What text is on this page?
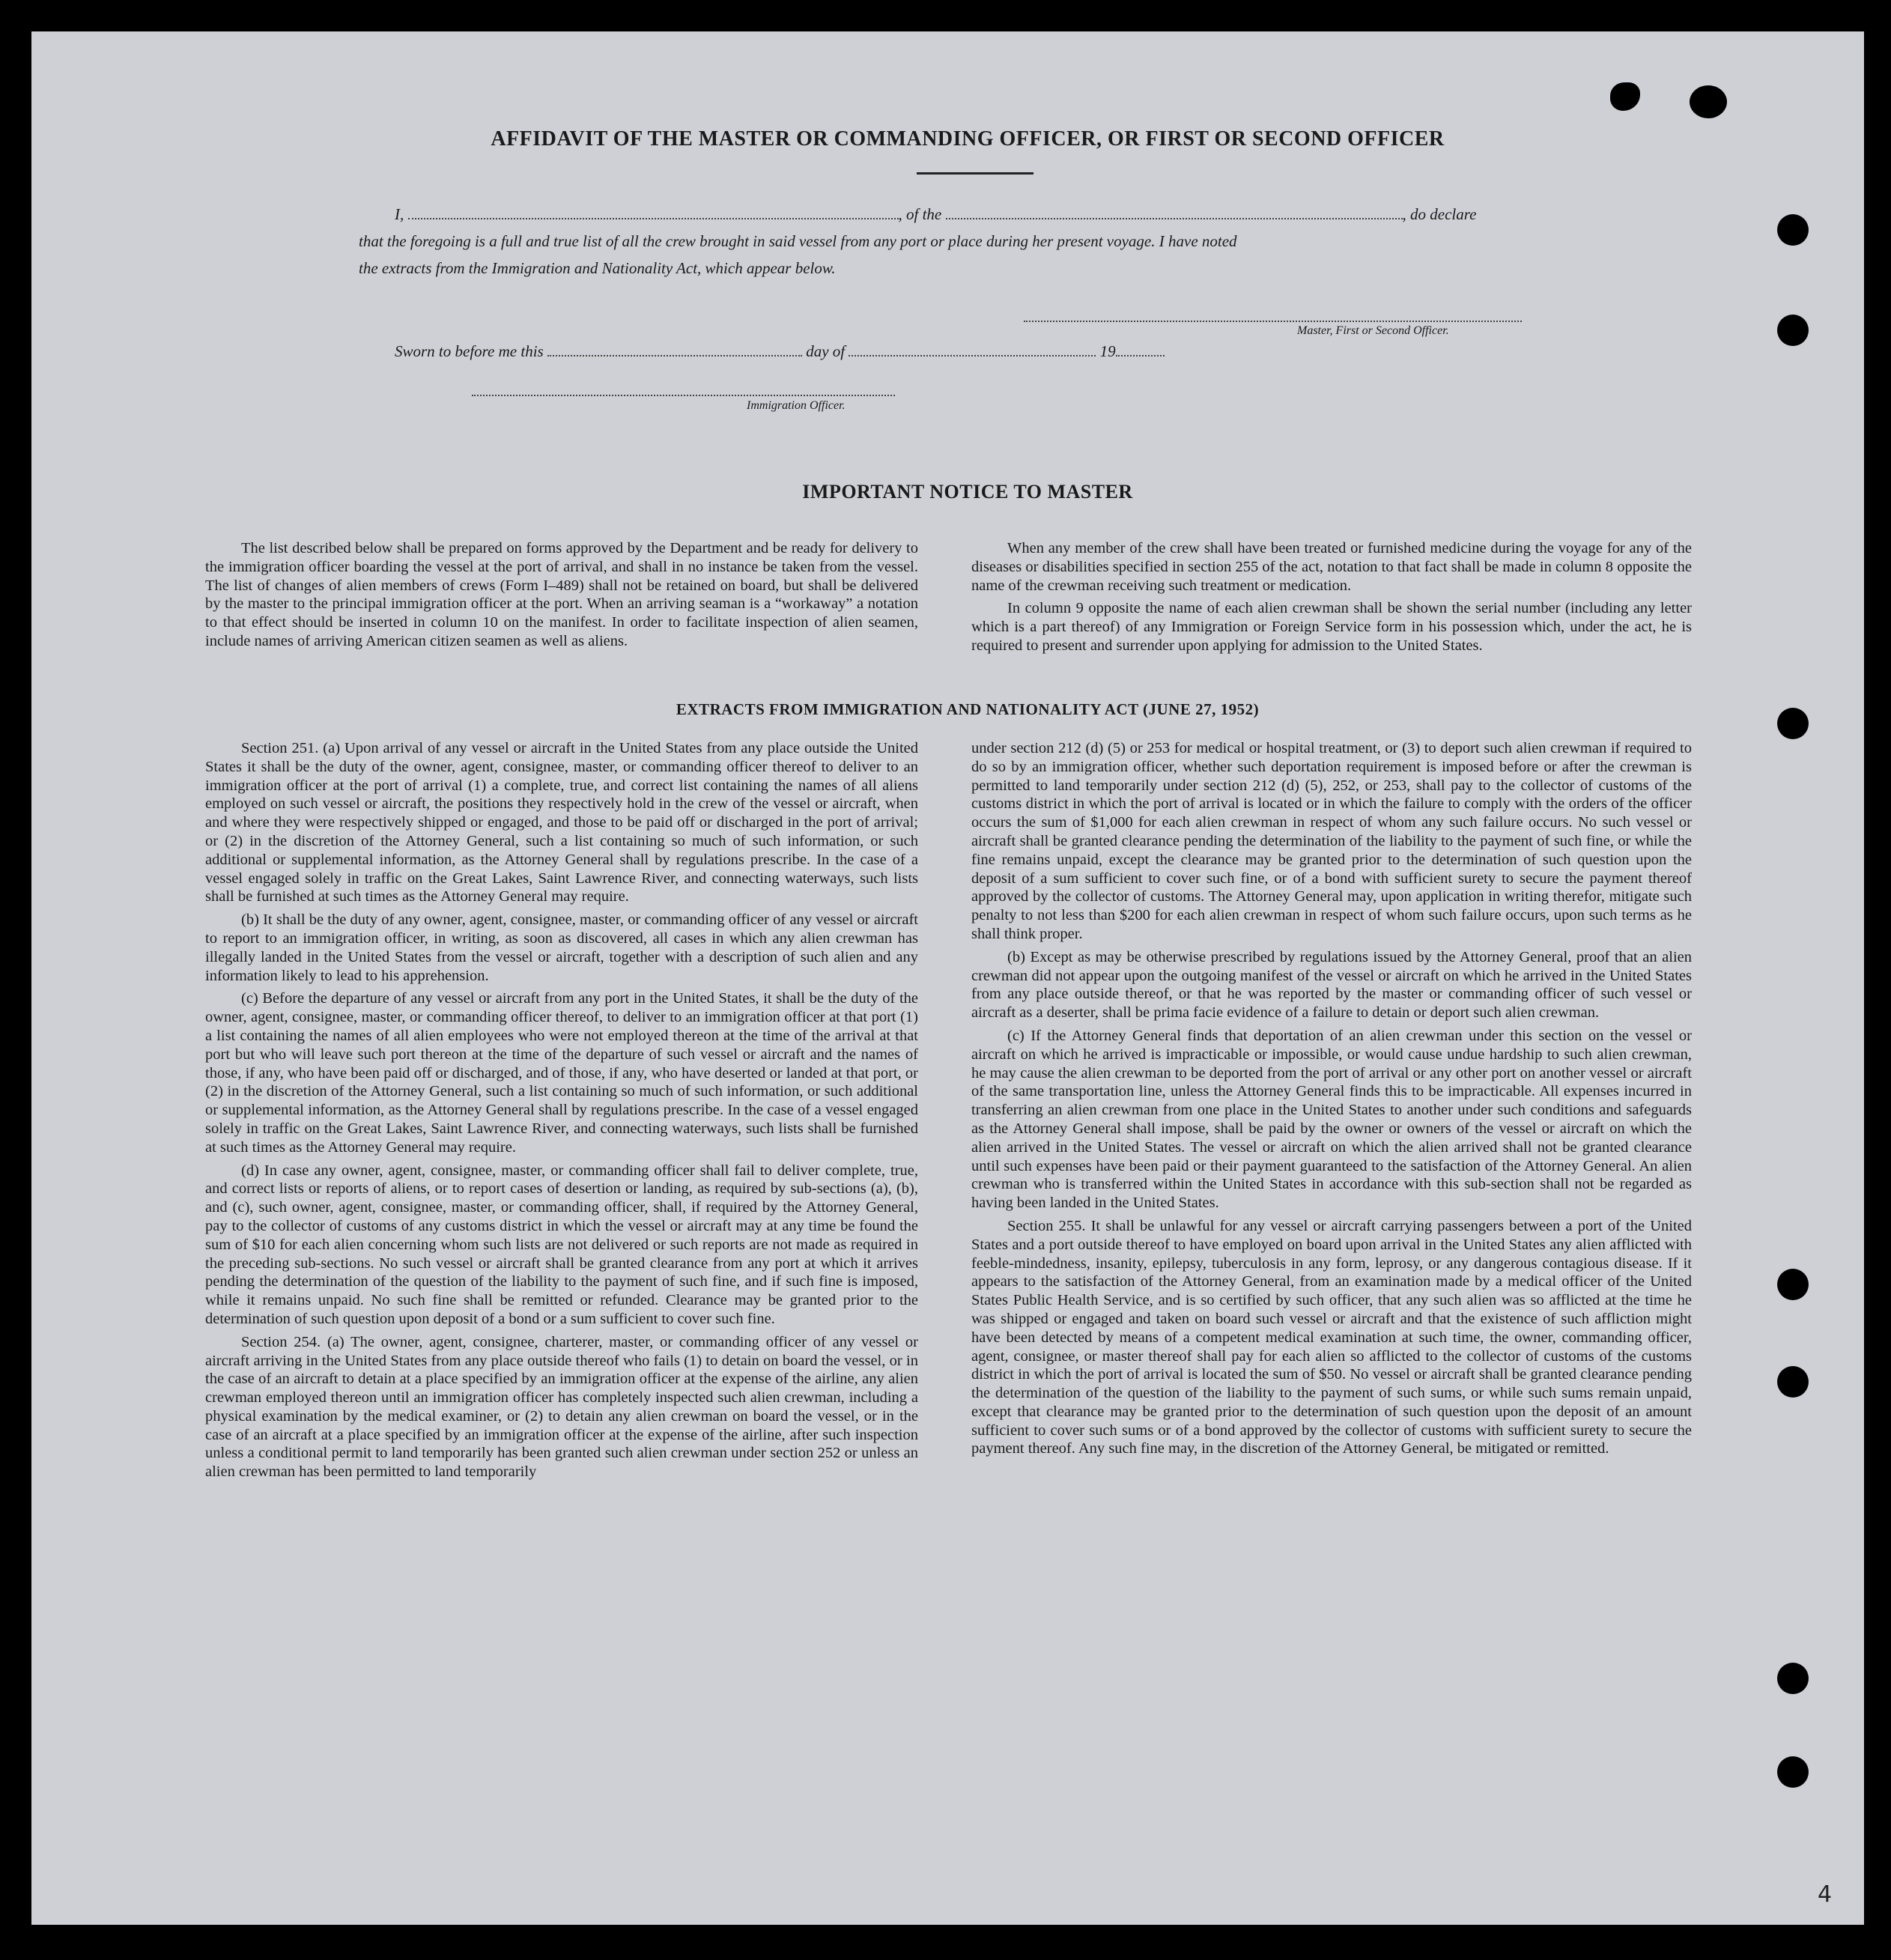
AFFIDAVIT OF THE MASTER OR COMMANDING OFFICER, OR FIRST OR SECOND OFFICER
I,	, of the	, do declare
that the foregoing is a full and true list of all the crew brought in said vessel from any port or place during her present voyage. I have noted
the extracts from the Immigration and Nationality Act, which appear below.
Master, First or Second Officer.
Sworn to before me this	day of	19
Immigration Officer.
IMPORTANT NOTICE TO MASTER

The list described below shall be prepared on forms approved by the Department and be ready for delivery to the immigration officer boarding the vessel at the port of arrival, and shall in no instance be taken from the vessel. The list of changes of alien members of crews (Form I–489) shall not be retained on board, but shall be delivered by the master to the principal immigration officer at the port. When an arriving seaman is a “workaway” a notation to that effect should be inserted in column 10 on the manifest. In order to facilitate inspection of alien seamen, include names of arriving American citizen seamen as well as aliens.

When any member of the crew shall have been treated or furnished medicine during the voyage for any of the diseases or disabilities specified in section 255 of the act, notation to that fact shall be made in column 8 opposite the name of the crewman receiving such treatment or medication.

In column 9 opposite the name of each alien crewman shall be shown the serial number (including any letter which is a part thereof) of any Immigration or Foreign Service form in his possession which, under the act, he is required to present and surrender upon applying for admission to the United States.

EXTRACTS FROM IMMIGRATION AND NATIONALITY ACT (JUNE 27, 1952)

Section 251. (a) Upon arrival of any vessel or aircraft in the United States from any place outside the United States it shall be the duty of the owner, agent, consignee, master, or commanding officer thereof to deliver to an immigration officer at the port of arrival (1) a complete, true, and correct list containing the names of all aliens employed on such vessel or aircraft, the positions they respectively hold in the crew of the vessel or aircraft, when and where they were respectively shipped or engaged, and those to be paid off or discharged in the port of arrival; or (2) in the discretion of the Attorney General, such a list containing so much of such information, or such additional or supplemental information, as the Attorney General shall by regulations prescribe. In the case of a vessel engaged solely in traffic on the Great Lakes, Saint Lawrence River, and connecting waterways, such lists shall be furnished at such times as the Attorney General may require.

(b) It shall be the duty of any owner, agent, consignee, master, or commanding officer of any vessel or aircraft to report to an immigration officer, in writing, as soon as discovered, all cases in which any alien crewman has illegally landed in the United States from the vessel or aircraft, together with a description of such alien and any information likely to lead to his apprehension.

(c) Before the departure of any vessel or aircraft from any port in the United States, it shall be the duty of the owner, agent, consignee, master, or commanding officer thereof, to deliver to an immigration officer at that port (1) a list containing the names of all alien employees who were not employed thereon at the time of the arrival at that port but who will leave such port thereon at the time of the departure of such vessel or aircraft and the names of those, if any, who have been paid off or discharged, and of those, if any, who have deserted or landed at that port, or (2) in the discretion of the Attorney General, such a list containing so much of such information, or such additional or supplemental information, as the Attorney General shall by regulations prescribe. In the case of a vessel engaged solely in traffic on the Great Lakes, Saint Lawrence River, and connecting waterways, such lists shall be furnished at such times as the Attorney General may require.

(d) In case any owner, agent, consignee, master, or commanding officer shall fail to deliver complete, true, and correct lists or reports of aliens, or to report cases of desertion or landing, as required by sub-sections (a), (b), and (c), such owner, agent, consignee, master, or commanding officer, shall, if required by the Attorney General, pay to the collector of customs of any customs district in which the vessel or aircraft may at any time be found the sum of $10 for each alien concerning whom such lists are not delivered or such reports are not made as required in the preceding sub-sections. No such vessel or aircraft shall be granted clearance from any port at which it arrives pending the determination of the question of the liability to the payment of such fine, and if such fine is imposed, while it remains unpaid. No such fine shall be remitted or refunded. Clearance may be granted prior to the determination of such question upon deposit of a bond or a sum sufficient to cover such fine.

Section 254. (a) The owner, agent, consignee, charterer, master, or commanding officer of any vessel or aircraft arriving in the United States from any place outside thereof who fails (1) to detain on board the vessel, or in the case of an aircraft to detain at a place specified by an immigration officer at the expense of the airline, any alien crewman employed thereon until an immigration officer has completely inspected such alien crewman, including a physical examination by the medical examiner, or (2) to detain any alien crewman on board the vessel, or in the case of an aircraft at a place specified by an immigration officer at the expense of the airline, after such inspection unless a conditional permit to land temporarily has been granted such alien crewman under section 252 or unless an alien crewman has been permitted to land temporarily

under section 212 (d) (5) or 253 for medical or hospital treatment, or (3) to deport such alien crewman if required to do so by an immigration officer, whether such deportation requirement is imposed before or after the crewman is permitted to land temporarily under section 212 (d) (5), 252, or 253, shall pay to the collector of customs of the customs district in which the port of arrival is located or in which the failure to comply with the orders of the officer occurs the sum of $1,000 for each alien crewman in respect of whom any such failure occurs. No such vessel or aircraft shall be granted clearance pending the determination of the liability to the payment of such fine, or while the fine remains unpaid, except the clearance may be granted prior to the determination of such question upon the deposit of a sum sufficient to cover such fine, or of a bond with sufficient surety to secure the payment thereof approved by the collector of customs. The Attorney General may, upon application in writing therefor, mitigate such penalty to not less than $200 for each alien crewman in respect of whom such failure occurs, upon such terms as he shall think proper.

(b) Except as may be otherwise prescribed by regulations issued by the Attorney General, proof that an alien crewman did not appear upon the outgoing manifest of the vessel or aircraft on which he arrived in the United States from any place outside thereof, or that he was reported by the master or commanding officer of such vessel or aircraft as a deserter, shall be prima facie evidence of a failure to detain or deport such alien crewman.

(c) If the Attorney General finds that deportation of an alien crewman under this section on the vessel or aircraft on which he arrived is impracticable or impossible, or would cause undue hardship to such alien crewman, he may cause the alien crewman to be deported from the port of arrival or any other port on another vessel or aircraft of the same transportation line, unless the Attorney General finds this to be impracticable. All expenses incurred in transferring an alien crewman from one place in the United States to another under such conditions and safeguards as the Attorney General shall impose, shall be paid by the owner or owners of the vessel or aircraft on which the alien arrived in the United States. The vessel or aircraft on which the alien arrived shall not be granted clearance until such expenses have been paid or their payment guaranteed to the satisfaction of the Attorney General. An alien crewman who is transferred within the United States in accordance with this sub-section shall not be regarded as having been landed in the United States.

Section 255. It shall be unlawful for any vessel or aircraft carrying passengers between a port of the United States and a port outside thereof to have employed on board upon arrival in the United States any alien afflicted with feeble-mindedness, insanity, epilepsy, tuberculosis in any form, leprosy, or any dangerous contagious disease. If it appears to the satisfaction of the Attorney General, from an examination made by a medical officer of the United States Public Health Service, and is so certified by such officer, that any such alien was so afflicted at the time he was shipped or engaged and taken on board such vessel or aircraft and that the existence of such affliction might have been detected by means of a competent medical examination at such time, the owner, commanding officer, agent, consignee, or master thereof shall pay for each alien so afflicted to the collector of customs of the customs district in which the port of arrival is located the sum of $50. No vessel or aircraft shall be granted clearance pending the determination of the question of the liability to the payment of such sums, or while such sums remain unpaid, except that clearance may be granted prior to the determination of such question upon the deposit of an amount sufficient to cover such sums or of a bond approved by the collector of customs with sufficient surety to secure the payment thereof. Any such fine may, in the discretion of the Attorney General, be mitigated or remitted.

4
